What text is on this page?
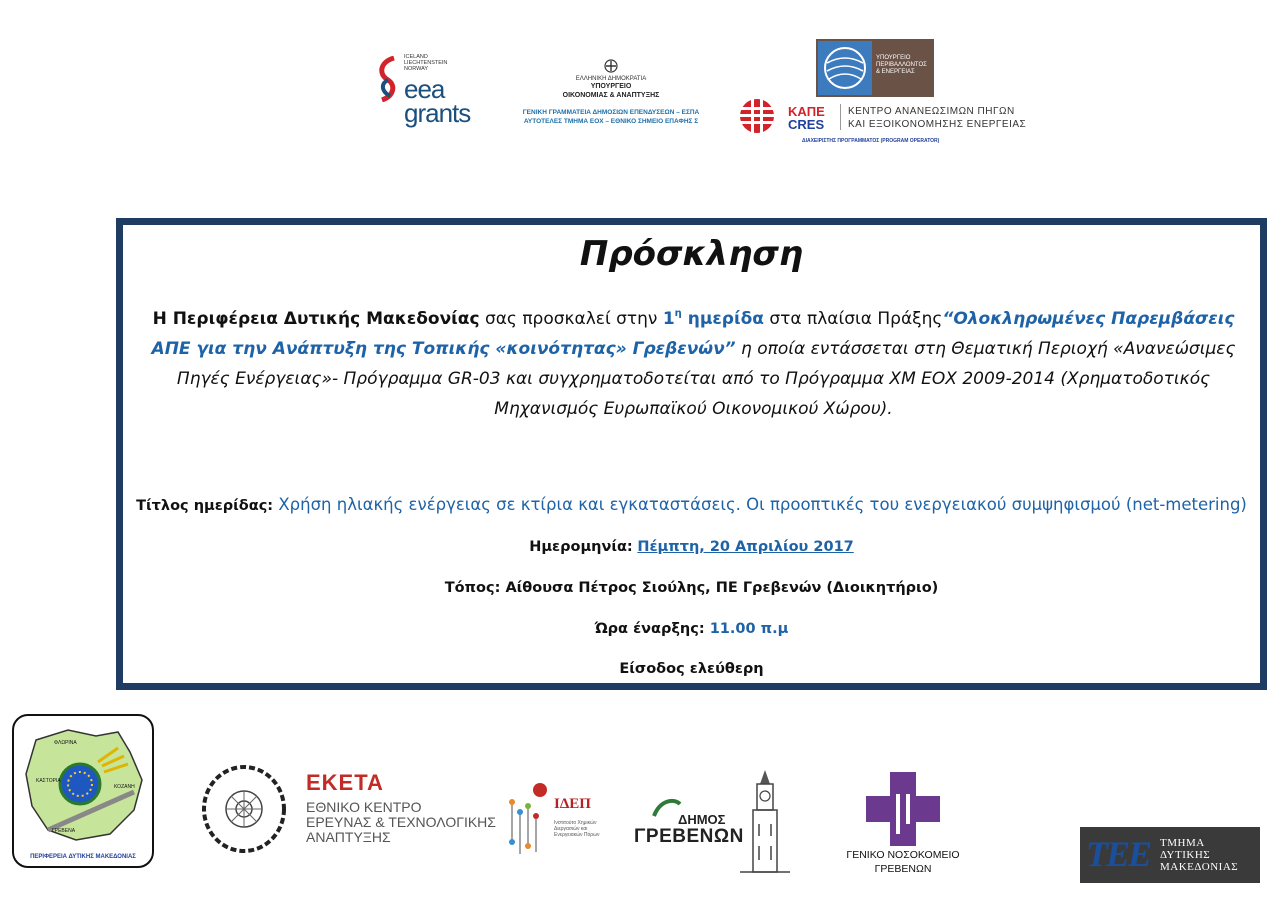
ICELAND
LIECHTENSTEIN
NORWAY
eea
grants
ΕΛΛΗΝΙΚΗ ΔΗΜΟΚΡΑΤΙΑ
ΥΠΟΥΡΓΕΙΟ
ΟΙΚΟΝΟΜΙΑΣ & ΑΝΑΠΤΥΞΗΣ
ΓΕΝΙΚΗ ΓΡΑΜΜΑΤΕΙΑ ΔΗΜΟΣΙΩΝ ΕΠΕΝΔΥΣΕΩΝ – ΕΣΠΑ
ΑΥΤΟΤΕΛΕΣ ΤΜΗΜΑ ΕΟΧ – ΕΘΝΙΚΟ ΣΗΜΕΙΟ ΕΠΑΦΗΣ Σ
ΥΠΟΥΡΓΕΙΟ
ΠΕΡΙΒΑΛΛΟΝΤΟΣ
& ΕΝΕΡΓΕΙΑΣ
ΚΑΠΕ
CRES
ΚΕΝΤΡΟ ΑΝΑΝΕΩΣΙΜΩΝ ΠΗΓΩΝ
ΚΑΙ ΕΞΟΙΚΟΝΟΜΗΣΗΣ ΕΝΕΡΓΕΙΑΣ
ΔΙΑΧΕΙΡΙΣΤΗΣ ΠΡΟΓΡΑΜΜΑΤΟΣ (PROGRAM OPERATOR)
Πρόσκληση
Η Περιφέρεια Δυτικής Μακεδονίας σας προσκαλεί στην $1^\eta$ ημερίδα στα πλαίσια Πράξης“Ολοκληρωμένες Παρεμβάσεις ΑΠΕ για την Ανάπτυξη της Τοπικής «κοινότητας» Γρεβενών” η οποία εντάσσεται στη Θεματική Περιοχή «Ανανεώσιμες Πηγές Ενέργειας»- Πρόγραμμα GR-03 και συγχρηματοδοτείται από το Πρόγραμμα ΧΜ ΕΟΧ 2009-2014 (Χρηματοδοτικός Μηχανισμός Ευρωπαϊκού Οικονομικού Χώρου).
Τίτλος ημερίδας: Χρήση ηλιακής ενέργειας σε κτίρια και εγκαταστάσεις. Οι προοπτικές του ενεργειακού συμψηφισμού (net-metering)
Ημερομηνία: Πέμπτη, 20 Απριλίου 2017
Τόπος: Αίθουσα Πέτρος Σιούλης, ΠΕ Γρεβενών (Διοικητήριο)
Ώρα έναρξης: 11.00 π.μ
Είσοδος ελεύθερη
ΦΛΩΡΙΝΑ
ΚΑΣΤΟΡΙΑ
ΚΟΖΑΝΗ
ΓΡΕΒΕΝΑ
ΠΕΡΙΦΕΡΕΙΑ ΔΥΤΙΚΗΣ ΜΑΚΕΔΟΝΙΑΣ
ΕΚΕΤΑ
ΕΘΝΙΚΟ ΚΕΝΤΡΟ
ΕΡΕΥΝΑΣ & ΤΕΧΝΟΛΟΓΙΚΗΣ
ΑΝΑΠΤΥΞΗΣ
ΙΔΕΠ
Ινστιτούτο Χημικών Διεργασιών και Ενεργειακών Πόρων
ΔΗΜΟΣ
ΓΡΕΒΕΝΩΝ
ΓΕΝΙΚΟ ΝΟΣΟΚΟΜΕΙΟ
ΓΡΕΒΕΝΩΝ	ΤΕΕ ΤΜΗΜΑ
ΔΥΤΙΚΗΣ
ΜΑΚΕΔΟΝΙΑΣ
